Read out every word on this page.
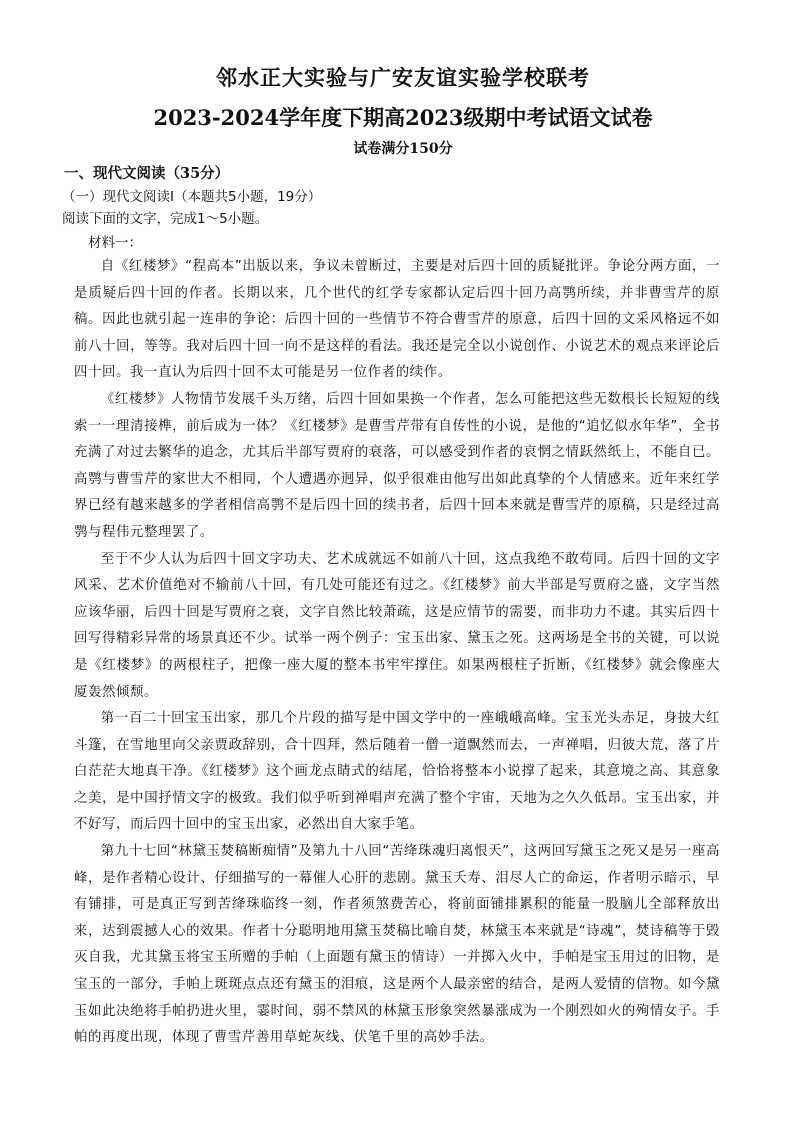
邻水正大实验与广安友谊实验学校联考
2023-2024学年度下期高2023级期中考试语文试卷
试卷满分150分
一、现代文阅读（35分）
（一）现代文阅读Ⅰ（本题共5小题，19分）
阅读下面的文字，完成1～5小题。
材料一：

自《红楼梦》“程高本”出版以来，争议未曾断过，主要是对后四十回的质疑批评。争论分两方面，一是质疑后四十回的作者。长期以来，几个世代的红学专家都认定后四十回乃高鹗所续，并非曹雪芹的原稿。因此也就引起一连串的争论：后四十回的一些情节不符合曹雪芹的原意，后四十回的文采风格远不如前八十回，等等。我对后四十回一向不是这样的看法。我还是完全以小说创作、小说艺术的观点来评论后四十回。我一直认为后四十回不太可能是另一位作者的续作。

《红楼梦》人物情节发展千头万绪，后四十回如果换一个作者，怎么可能把这些无数根长长短短的线索一一理清接榫，前后成为一体？《红楼梦》是曹雪芹带有自传性的小说，是他的“追忆似水年华”，全书充满了对过去繁华的追念，尤其后半部写贾府的衰落，可以感受到作者的哀惘之情跃然纸上，不能自已。高鹗与曹雪芹的家世大不相同，个人遭遇亦迥异，似乎很难由他写出如此真挚的个人情感来。近年来红学界已经有越来越多的学者相信高鹗不是后四十回的续书者，后四十回本来就是曹雪芹的原稿，只是经过高鹗与程伟元整理罢了。

至于不少人认为后四十回文字功夫、艺术成就远不如前八十回，这点我绝不敢苟同。后四十回的文字风采、艺术价值绝对不输前八十回，有几处可能还有过之。《红楼梦》前大半部是写贾府之盛，文字当然应该华丽，后四十回是写贾府之衰，文字自然比较萧疏，这是应情节的需要，而非功力不逮。其实后四十回写得精彩异常的场景真还不少。试举一两个例子：宝玉出家、黛玉之死。这两场是全书的关键，可以说是《红楼梦》的两根柱子，把像一座大厦的整本书牢牢撑住。如果两根柱子折断，《红楼梦》就会像座大厦轰然倾颓。

第一百二十回宝玉出家，那几个片段的描写是中国文学中的一座峨峨高峰。宝玉光头赤足，身披大红斗篷，在雪地里向父亲贾政辞别，合十四拜，然后随着一僧一道飘然而去，一声禅唱，归彼大荒，落了片白茫茫大地真干净。《红楼梦》这个画龙点睛式的结尾，恰恰将整本小说撑了起来，其意境之高、其意象之美，是中国抒情文字的极致。我们似乎听到禅唱声充满了整个宇宙，天地为之久久低昂。宝玉出家，并不好写，而后四十回中的宝玉出家，必然出自大家手笔。

第九十七回“林黛玉焚稿断痴情”及第九十八回“苦绛珠魂归离恨天”，这两回写黛玉之死又是另一座高峰，是作者精心设计、仔细描写的一幕催人心肝的悲剧。黛玉夭寿、泪尽人亡的命运，作者明示暗示，早有铺排，可是真正写到苦绛珠临终一刻，作者须煞费苦心，将前面铺排累积的能量一股脑儿全部释放出来，达到震撼人心的效果。作者十分聪明地用黛玉焚稿比喻自焚，林黛玉本来就是“诗魂”，焚诗稿等于毁灭自我，尤其黛玉将宝玉所赠的手帕（上面题有黛玉的情诗）一并掷入火中，手帕是宝玉用过的旧物，是宝玉的一部分，手帕上斑斑点点还有黛玉的泪痕，这是两个人最亲密的结合，是两人爱情的信物。如今黛玉如此决绝将手帕扔进火里，霎时间，弱不禁风的林黛玉形象突然暴涨成为一个刚烈如火的殉情女子。手帕的再度出现，体现了曹雪芹善用草蛇灰线、伏笔千里的高妙手法。
